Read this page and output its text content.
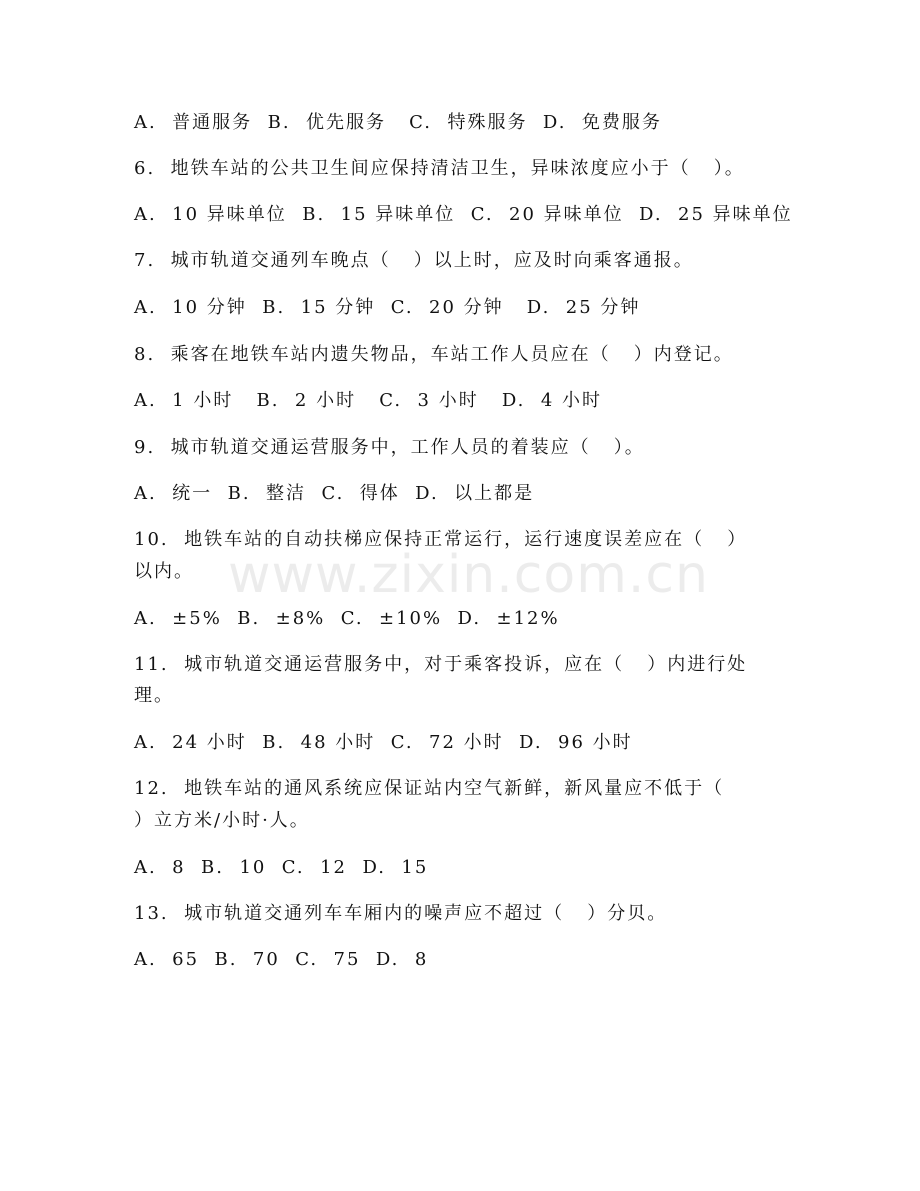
A.  普通服务  B.  优先服务   C.  特殊服务  D.  免费服务
6.  地铁车站的公共卫生间应保持清洁卫生，异味浓度应小于（   ）。
A.  10 异味单位  B.  15 异味单位  C.  20 异味单位  D.  25 异味单位
7.  城市轨道交通列车晚点（   ）以上时，应及时向乘客通报。
A.  10 分钟  B.  15 分钟  C.  20 分钟   D.  25 分钟
8.  乘客在地铁车站内遗失物品，车站工作人员应在（   ）内登记。
A.  1 小时   B.  2 小时   C.  3 小时   D.  4 小时
9.  城市轨道交通运营服务中，工作人员的着装应（   ）。
A.  统一  B.  整洁  C.  得体  D.  以上都是
10.  地铁车站的自动扶梯应保持正常运行，运行速度误差应在（   ）
以内。
A.  ±5%  B.  ±8%  C.  ±10%  D.  ±12%
11.  城市轨道交通运营服务中，对于乘客投诉，应在（   ）内进行处
理。
A.  24 小时  B.  48 小时  C.  72 小时  D.  96 小时
12.  地铁车站的通风系统应保证站内空气新鲜，新风量应不低于（
）立方米/小时·人。
A.  8  B.  10  C.  12  D.  15
13.  城市轨道交通列车车厢内的噪声应不超过（   ）分贝。
A.  65  B.  70  C.  75  D.  8
www.zixin.com.cn
